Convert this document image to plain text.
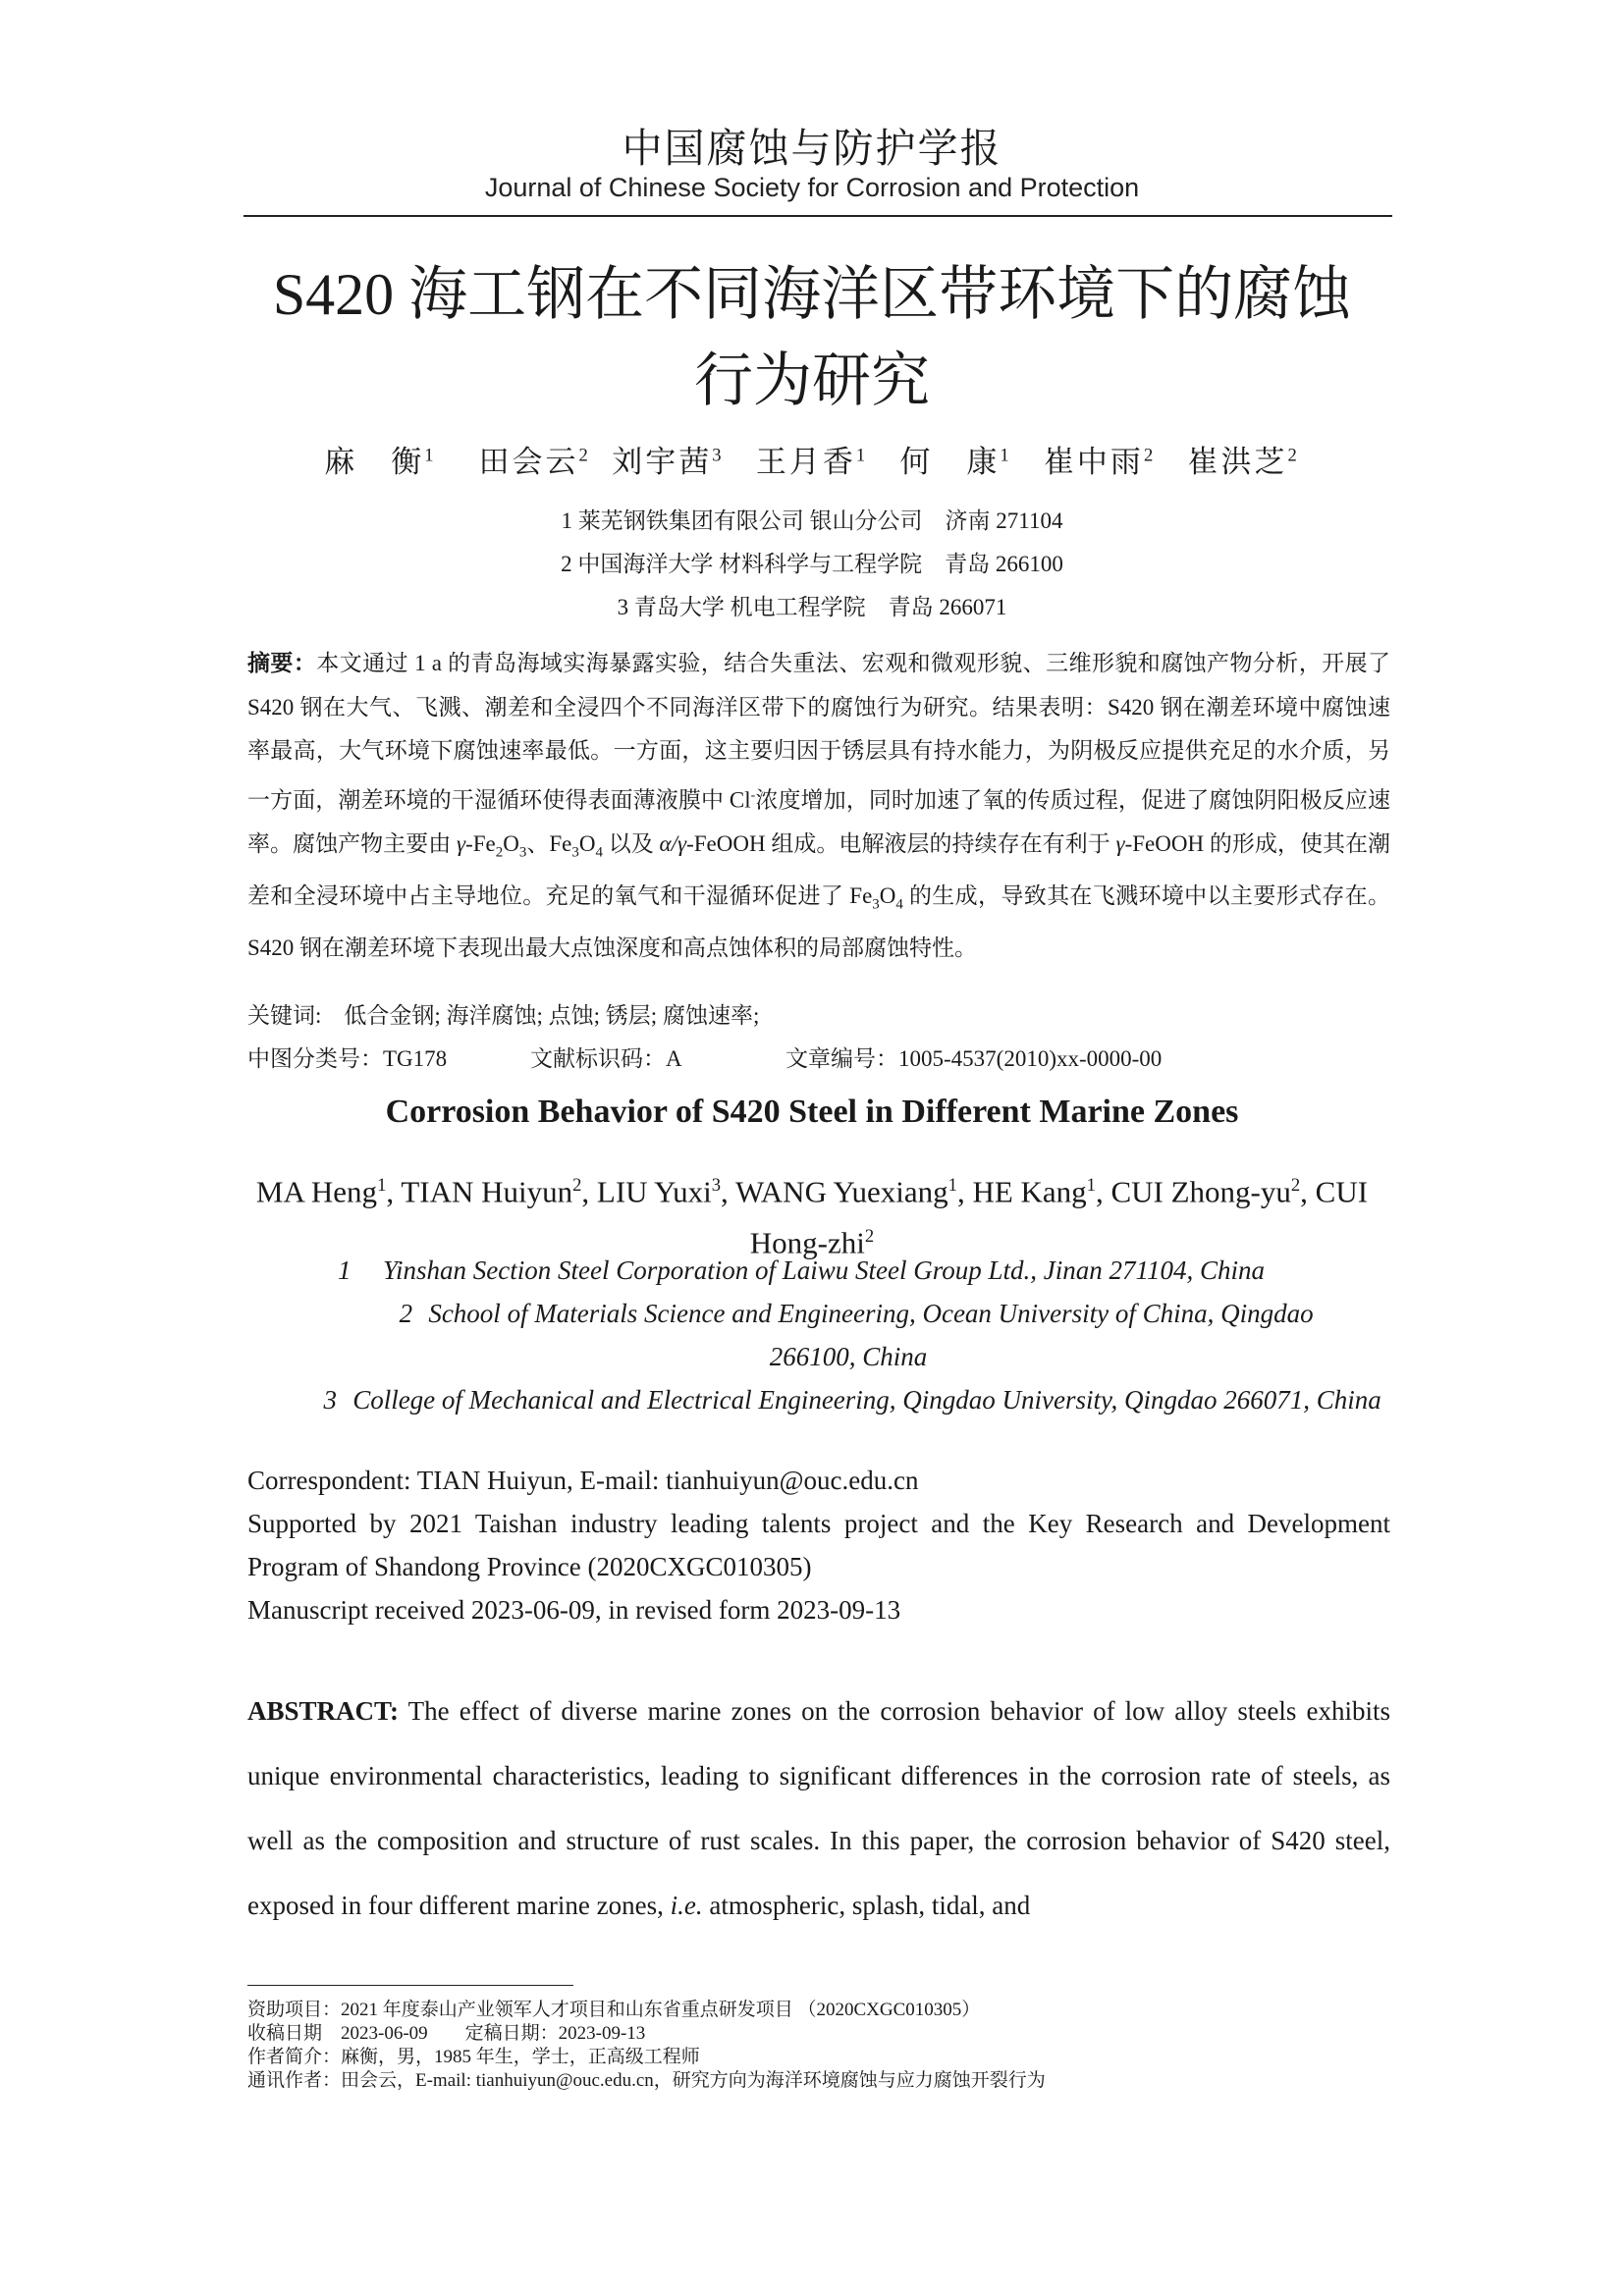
中国腐蚀与防护学报
Journal of Chinese Society for Corrosion and Protection
S420 海工钢在不同海洋区带环境下的腐蚀
行为研究
麻　衡$^1$ 田会云$^2$ 刘宇茜$^3$ 王月香$^1$ 何　康$^1$ 崔中雨$^2$ 崔洪芝$^2$
1 莱芜钢铁集团有限公司 银山分公司　济南 271104
2 中国海洋大学 材料科学与工程学院　青岛 266100
3 青岛大学 机电工程学院　青岛 266071
摘要：本文通过 1 a 的青岛海域实海暴露实验，结合失重法、宏观和微观形貌、三维形貌和腐蚀产物分析，开展了 S420 钢在大气、飞溅、潮差和全浸四个不同海洋区带下的腐蚀行为研究。结果表明：S420 钢在潮差环境中腐蚀速率最高，大气环境下腐蚀速率最低。一方面，这主要归因于锈层具有持水能力，为阴极反应提供充足的水介质，另一方面，潮差环境的干湿循环使得表面薄液膜中 Cl-浓度增加，同时加速了氧的传质过程，促进了腐蚀阴阳极反应速率。腐蚀产物主要由 $\gamma-Fe_2O_3$、$Fe_3O_4$ 以及 α/γ-FeOOH 组成。电解液层的持续存在有利于 γ-FeOOH 的形成，使其在潮差和全浸环境中占主导地位。充足的氧气和干湿循环促进了 $Fe_3O_4$ 的生成，导致其在飞溅环境中以主要形式存在。S420 钢在潮差环境下表现出最大点蚀深度和高点蚀体积的局部腐蚀特性。
关键词:　低合金钢; 海洋腐蚀; 点蚀; 锈层; 腐蚀速率;
中图分类号：TG178	文献标识码：A	文章编号：1005-4537(2010)xx-0000-00
Corrosion Behavior of S420 Steel in Different Marine Zones
MA Heng$^1$, TIAN Huiyun$^2$, LIU Yuxi$^3$, WANG Yuexiang$^1$, HE Kang$^1$, CUI Zhong-$yu^2$, CUI Hong-zhi$^2$
1 Yinshan Section Steel Corporation of Laiwu Steel Group Ltd., Jinan 271104, China
2 School of Materials Science and Engineering, Ocean University of China, Qingdao 266100, China
3 College of Mechanical and Electrical Engineering, Qingdao University, Qingdao 266071, China
Correspondent: TIAN Huiyun, E-mail: tianhuiyun@ouc.edu.cn
Supported by 2021 Taishan industry leading talents project and the Key Research and Development Program of Shandong Province (2020CXGC010305)
Manuscript received 2023-06-09, in revised form 2023-09-13
ABSTRACT: The effect of diverse marine zones on the corrosion behavior of low alloy steels exhibits unique environmental characteristics, leading to significant differences in the corrosion rate of steels, as well as the composition and structure of rust scales. In this paper, the corrosion behavior of S420 steel, exposed in four different marine zones, i.e. atmospheric, splash, tidal, and
资助项目：2021 年度泰山产业领军人才项目和山东省重点研发项目 （2020CXGC010305）
收稿日期　2023-06-09　　定稿日期：2023-09-13
作者简介：麻衡，男，1985 年生，学士，正高级工程师
通讯作者：田会云，E-mail: tianhuiyun@ouc.edu.cn，研究方向为海洋环境腐蚀与应力腐蚀开裂行为
